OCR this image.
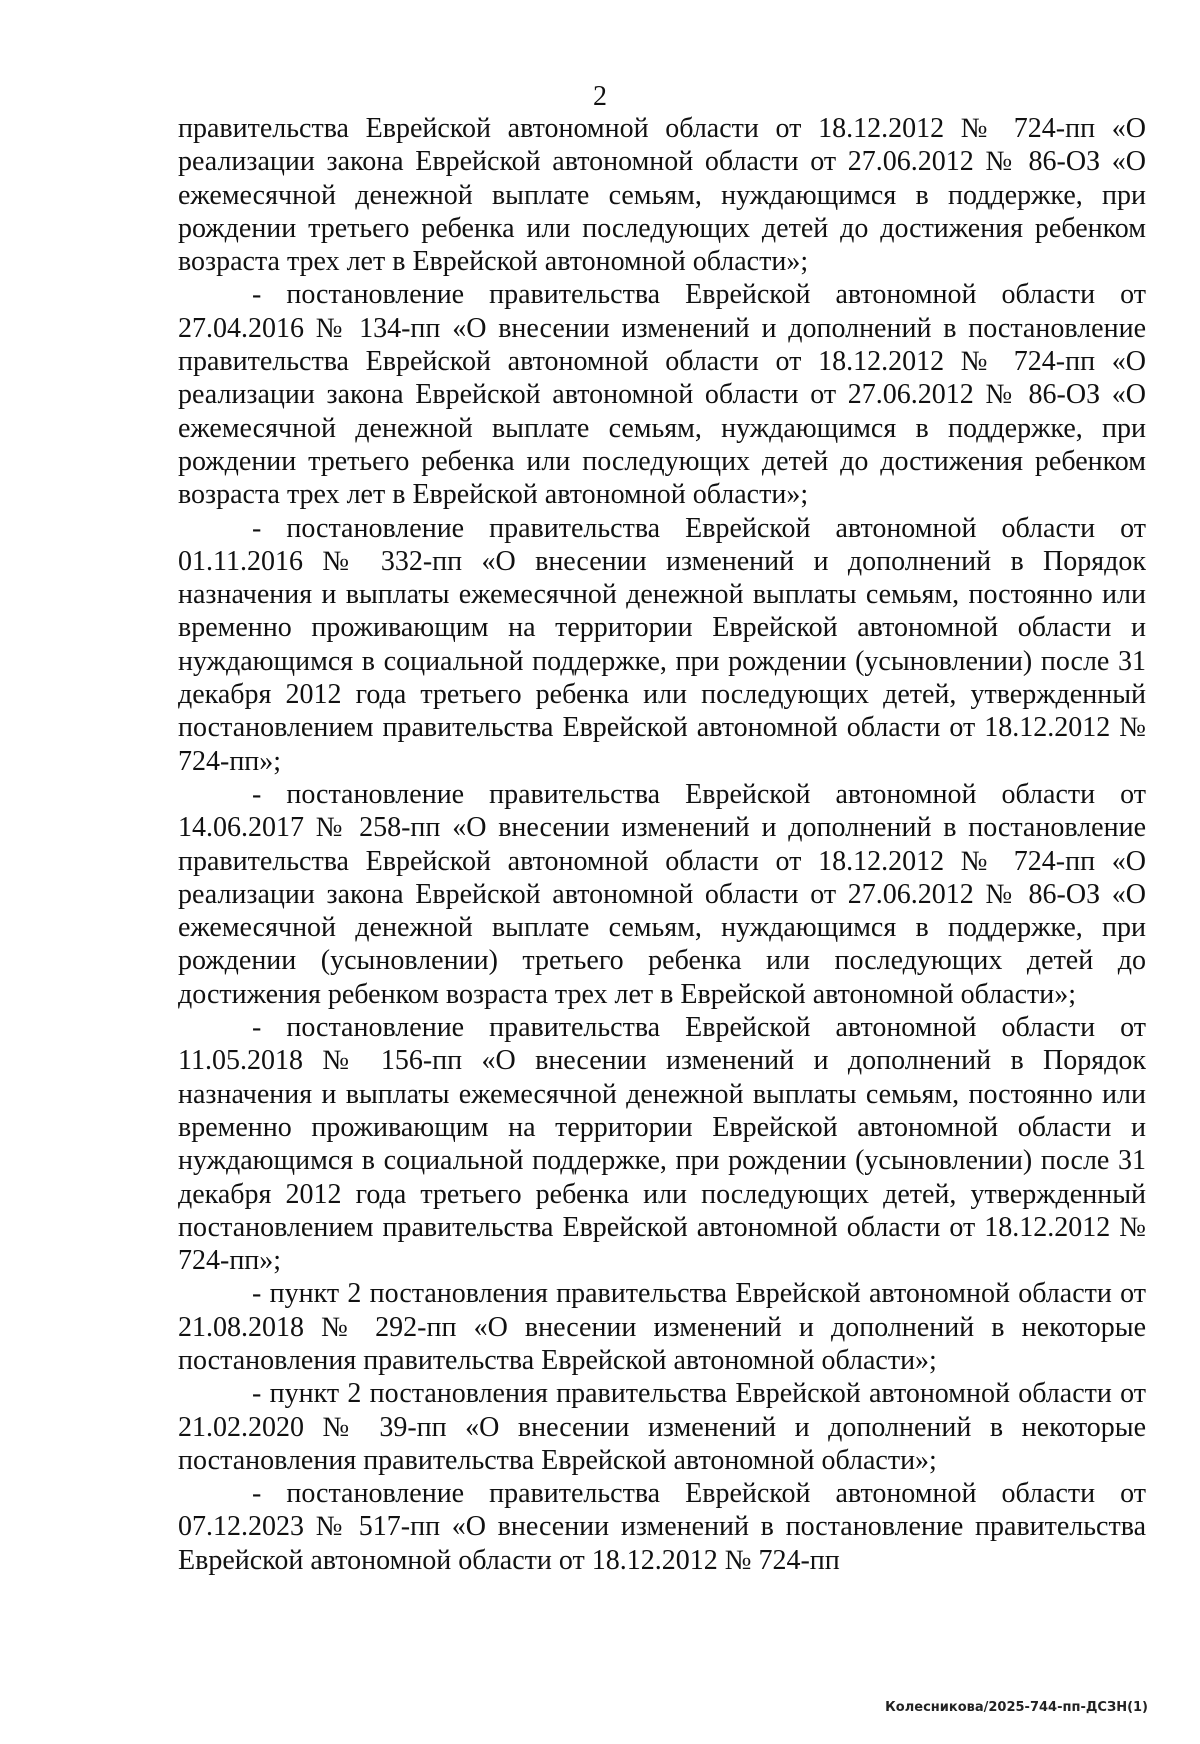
2

правительства Еврейской автономной области от 18.12.2012 № 724-пп «О реализации закона Еврейской автономной области от 27.06.2012 № 86-ОЗ «О ежемесячной денежной выплате семьям, нуждающимся в поддержке, при рождении третьего ребенка или последующих детей до достижения ребенком возраста трех лет в Еврейской автономной области»;

- постановление правительства Еврейской автономной области от 27.04.2016 № 134-пп «О внесении изменений и дополнений в постановление правительства Еврейской автономной области от 18.12.2012 № 724-пп «О реализации закона Еврейской автономной области от 27.06.2012 № 86-ОЗ «О ежемесячной денежной выплате семьям, нуждающимся в поддержке, при рождении третьего ребенка или последующих детей до достижения ребенком возраста трех лет в Еврейской автономной области»;

- постановление правительства Еврейской автономной области от 01.11.2016 № 332-пп «О внесении изменений и дополнений в Порядок назначения и выплаты ежемесячной денежной выплаты семьям, постоянно или временно проживающим на территории Еврейской автономной области и нуждающимся в социальной поддержке, при рождении (усыновлении) после 31 декабря 2012 года третьего ребенка или последующих детей, утвержденный постановлением правительства Еврейской автономной области от 18.12.2012 № 724-пп»;

- постановление правительства Еврейской автономной области от 14.06.2017 № 258-пп «О внесении изменений и дополнений в постановление правительства Еврейской автономной области от 18.12.2012 № 724-пп «О реализации закона Еврейской автономной области от 27.06.2012 № 86-ОЗ «О ежемесячной денежной выплате семьям, нуждающимся в поддержке, при рождении (усыновлении) третьего ребенка или последующих детей до достижения ребенком возраста трех лет в Еврейской автономной области»;

- постановление правительства Еврейской автономной области от 11.05.2018 № 156-пп «О внесении изменений и дополнений в Порядок назначения и выплаты ежемесячной денежной выплаты семьям, постоянно или временно проживающим на территории Еврейской автономной области и нуждающимся в социальной поддержке, при рождении (усыновлении) после 31 декабря 2012 года третьего ребенка или последующих детей, утвержденный постановлением правительства Еврейской автономной области от 18.12.2012 № 724-пп»;

- пункт 2 постановления правительства Еврейской автономной области от 21.08.2018 № 292-пп «О внесении изменений и дополнений в некоторые постановления правительства Еврейской автономной области»;

- пункт 2 постановления правительства Еврейской автономной области от 21.02.2020 № 39-пп «О внесении изменений и дополнений в некоторые постановления правительства Еврейской автономной области»;

- постановление правительства Еврейской автономной области от 07.12.2023 № 517-пп «О внесении изменений в постановление правительства Еврейской автономной области от 18.12.2012 № 724-пп

Колесникова/2025-744-пп-ДСЗН(1)
